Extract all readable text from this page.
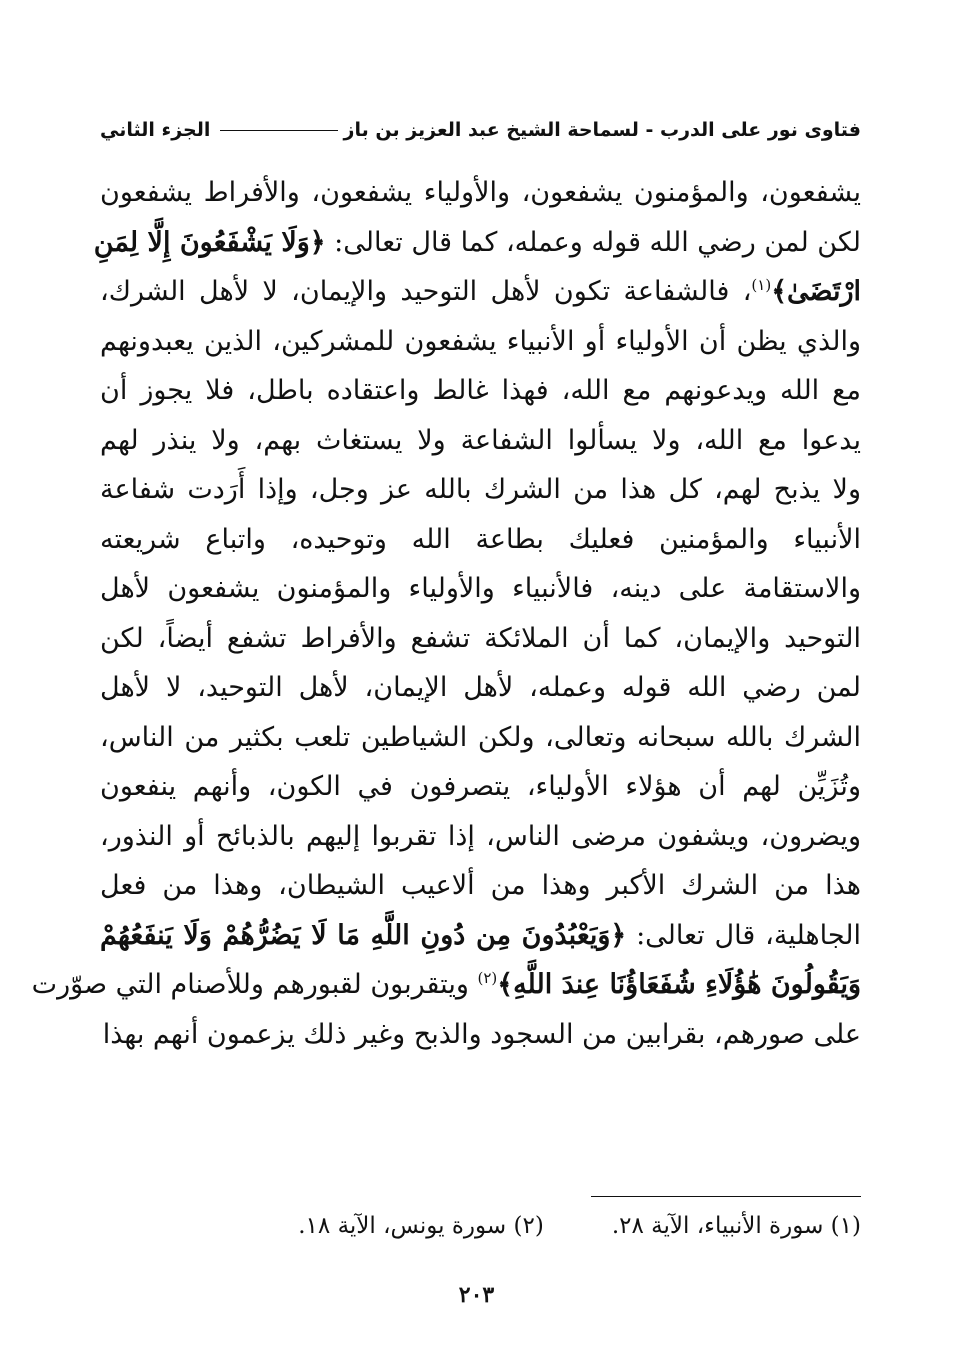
فتاوى نور على الدرب - لسماحة الشيخ عبد العزيز بن باز
الجزء الثاني
يشفعون، والمؤمنون يشفعون، والأولياء يشفعون، والأفراط يشفعون
لكن لمن رضي الله قوله وعمله، كما قال تعالى: ﴿وَلَا يَشْفَعُونَ إِلَّا لِمَنِ
ارْتَضَىٰ﴾$^{(١)}$، فالشفاعة تكون لأهل التوحيد والإيمان، لا لأهل الشرك،
والذي يظن أن الأولياء أو الأنبياء يشفعون للمشركين، الذين يعبدونهم
مع الله ويدعونهم مع الله، فهذا غالط واعتقاده باطل، فلا يجوز أن
يدعوا مع الله، ولا يسألوا الشفاعة ولا يستغاث بهم، ولا ينذر لهم
ولا يذبح لهم، كل هذا من الشرك بالله عز وجل، وإذا أَرَدت شفاعة
الأنبياء والمؤمنين فعليك بطاعة الله وتوحيده، واتباع شريعته
والاستقامة على دينه، فالأنبياء والأولياء والمؤمنون يشفعون لأهل
التوحيد والإيمان، كما أن الملائكة تشفع والأفراط تشفع أيضاً، لكن
لمن رضي الله قوله وعمله، لأهل الإيمان، لأهل التوحيد، لا لأهل
الشرك بالله سبحانه وتعالى، ولكن الشياطين تلعب بكثير من الناس،
وتُزَيِّن لهم أن هؤلاء الأولياء، يتصرفون في الكون، وأنهم ينفعون
ويضرون، ويشفون مرضى الناس، إذا تقربوا إليهم بالذبائح أو النذور،
هذا من الشرك الأكبر وهذا من ألاعيب الشيطان، وهذا من فعل
الجاهلية، قال تعالى: ﴿وَيَعْبُدُونَ مِن دُونِ اللَّهِ مَا لَا يَضُرُّهُمْ وَلَا يَنفَعُهُمْ
وَيَقُولُونَ هَٰؤُلَاءِ شُفَعَاؤُنَا عِندَ اللَّهِ﴾$^{(٢)}$ ويتقربون لقبورهم وللأصنام التي صوّرت
على صورهم، بقرابين من السجود والذبح وغير ذلك يزعمون أنهم بهذا
(١) سورة الأنبياء، الآية ٢٨.
(٢) سورة يونس، الآية ١٨.
٢٠٣
